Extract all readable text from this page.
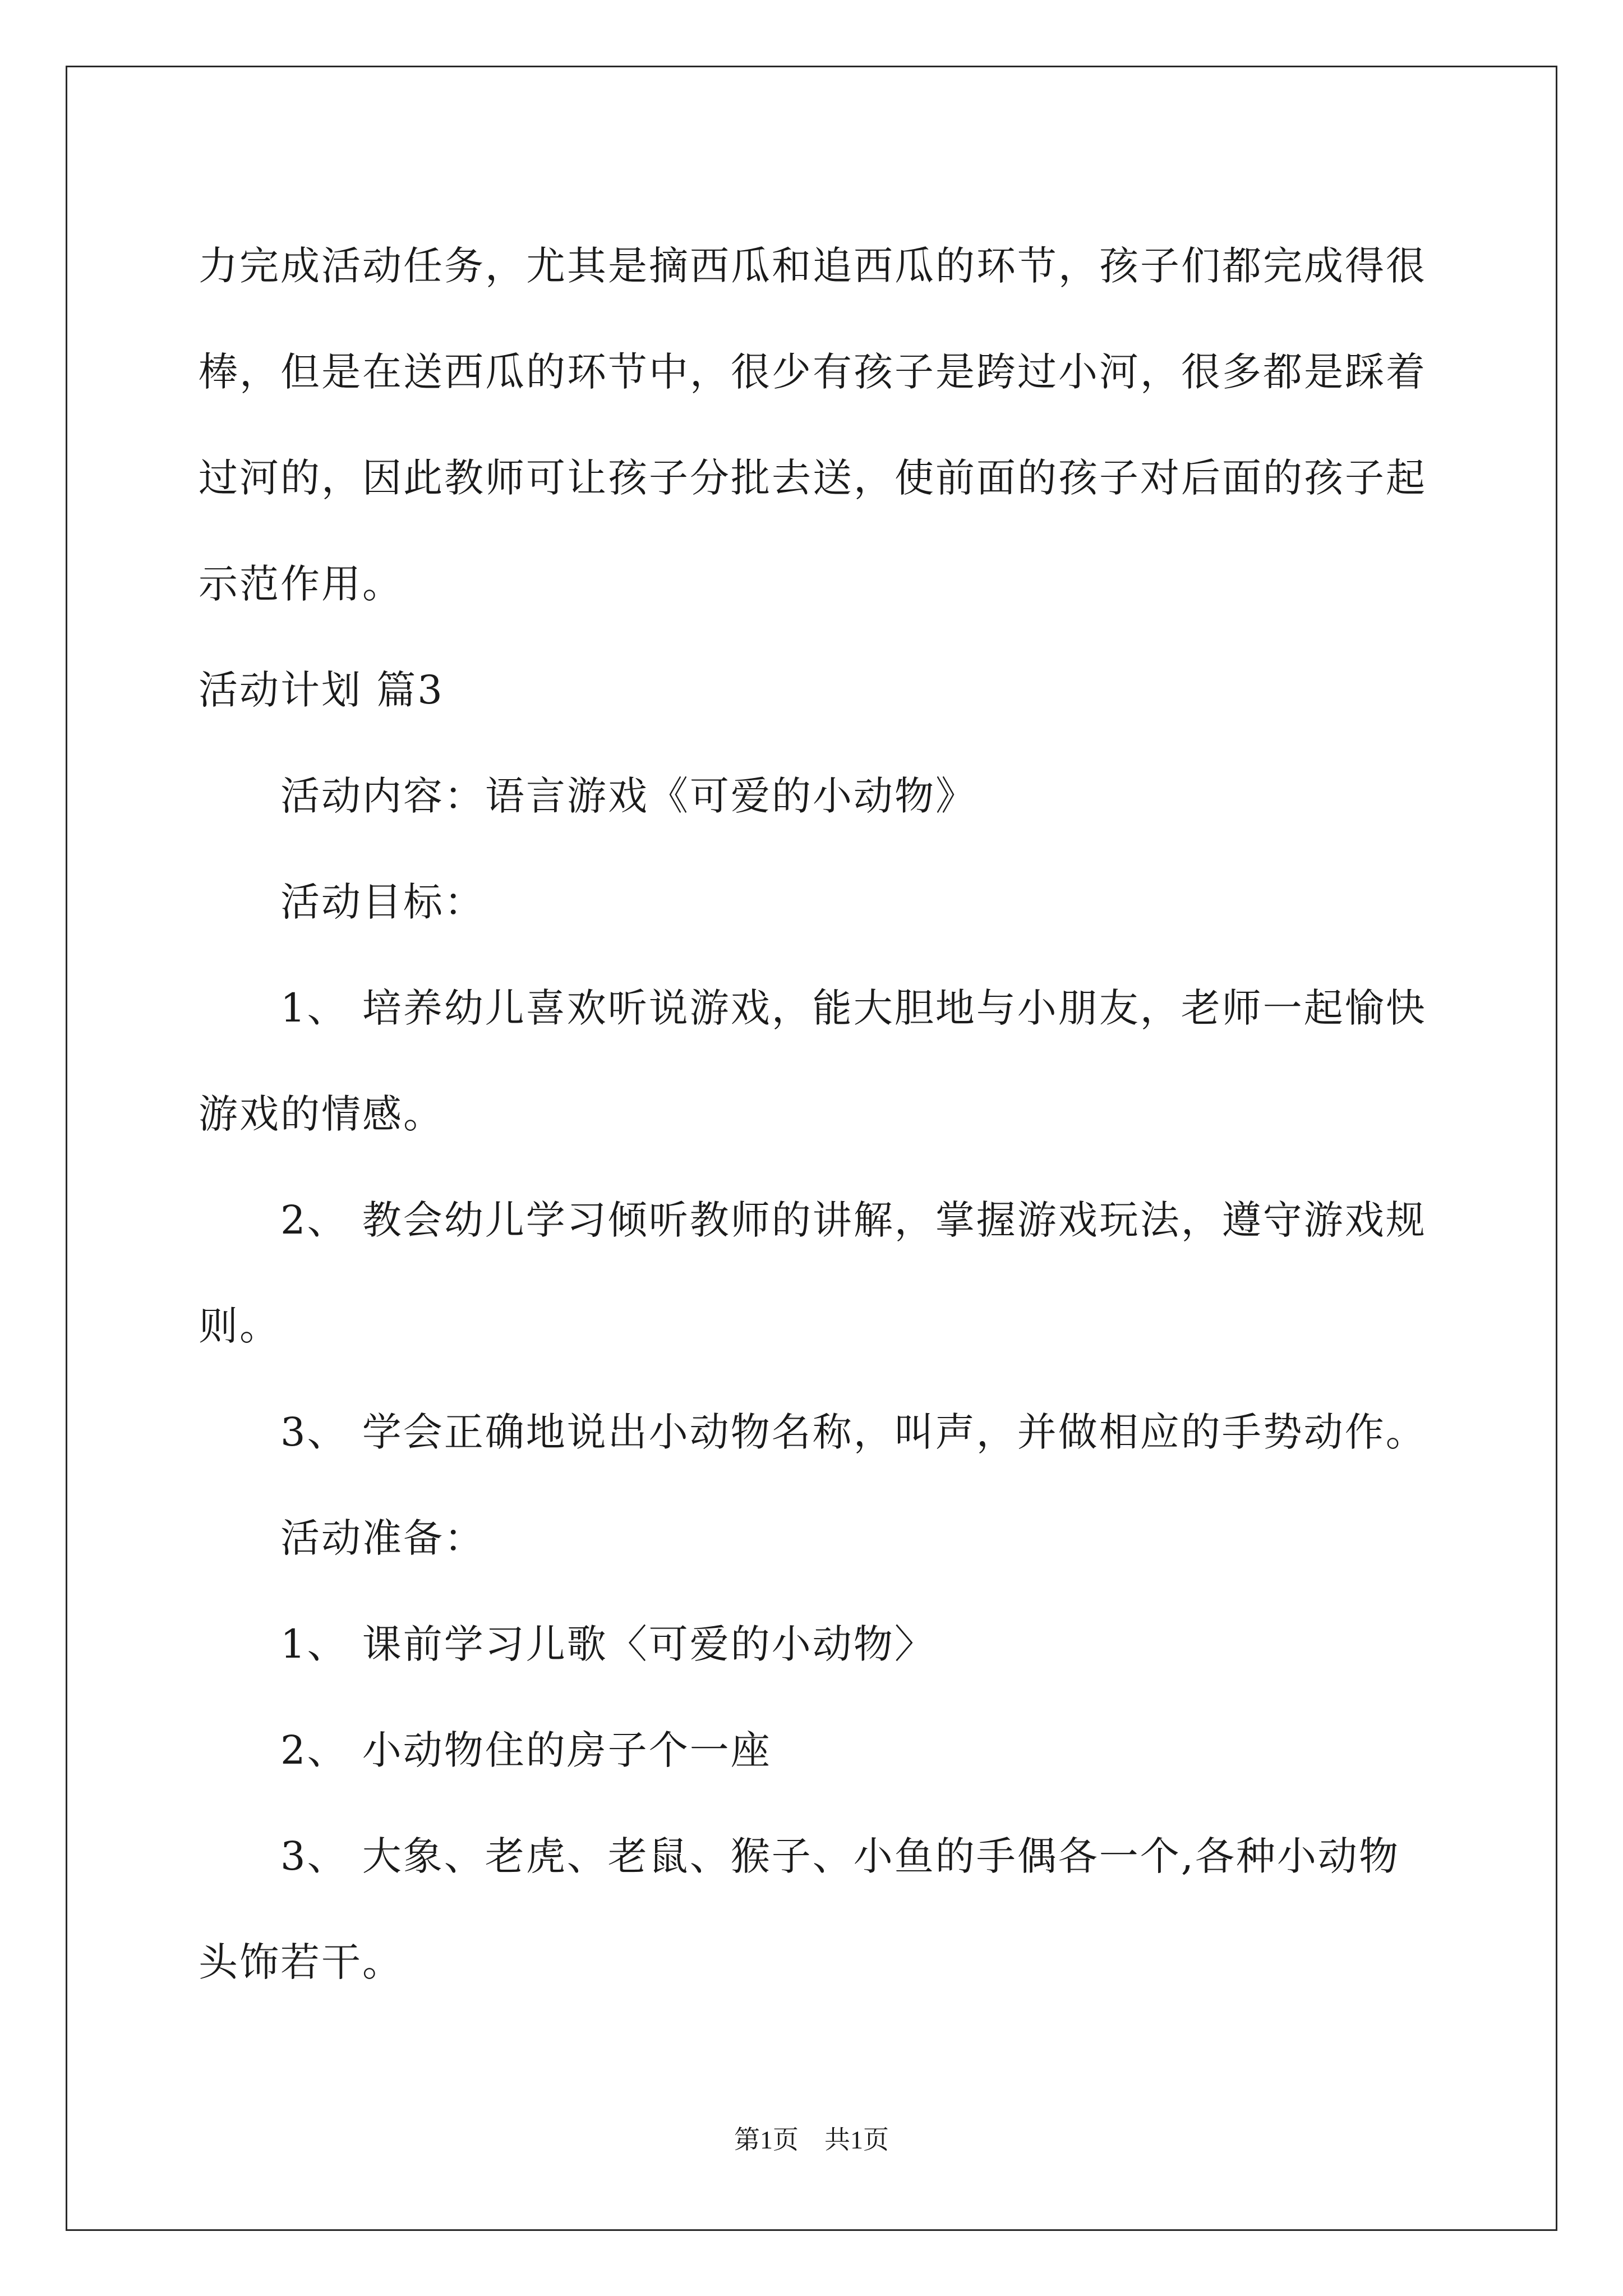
力完成活动任务，尤其是摘西瓜和追西瓜的环节，孩子们都完成得很棒，但是在送西瓜的环节中，很少有孩子是跨过小河，很多都是踩着过河的，因此教师可让孩子分批去送，使前面的孩子对后面的孩子起示范作用。

活动计划 篇3

活动内容：语言游戏《可爱的小动物》

活动目标：

1、 培养幼儿喜欢听说游戏，能大胆地与小朋友，老师一起愉快游戏的情感。

2、 教会幼儿学习倾听教师的讲解，掌握游戏玩法，遵守游戏规则。

3、 学会正确地说出小动物名称，叫声，并做相应的手势动作。

活动准备：

1、 课前学习儿歌〈可爱的小动物〉

2、 小动物住的房子个一座

3、 大象、老虎、老鼠、猴子、小鱼的手偶各一个,各种小动物头饰若干。

第1页 共1页
